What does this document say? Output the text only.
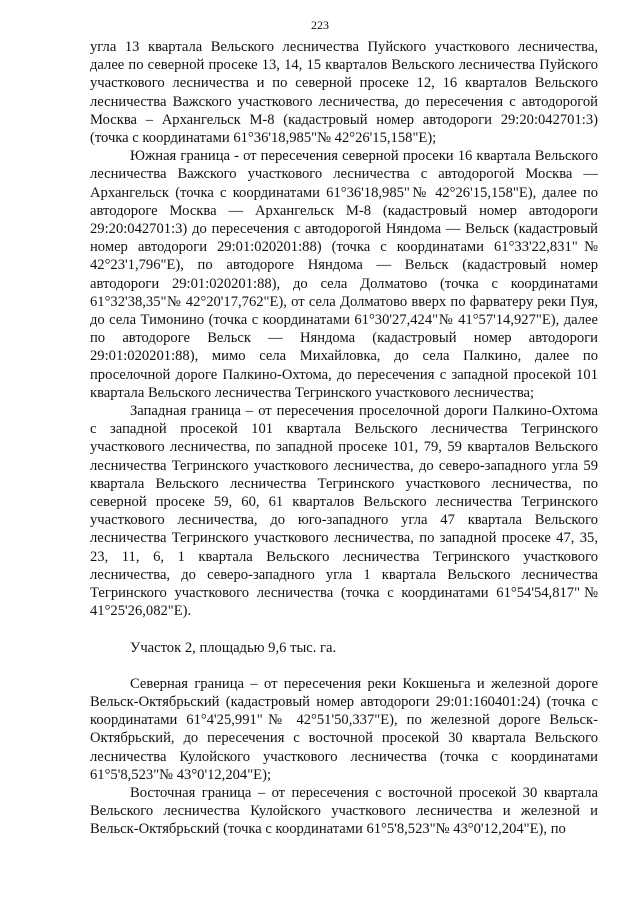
223

угла 13 квартала Вельского лесничества Пуйского участкового лесничества, далее по северной просеке 13, 14, 15 кварталов Вельского лесничества Пуйского участкового лесничества и по северной просеке 12, 16 кварталов Вельского лесничества Важского участкового лесничества, до пересечения с автодорогой Москва – Архангельск М-8 (кадастровый номер автодороги 29:20:042701:3) (точка с координатами 61°36'18,985"№ 42°26'15,158"Е);

Южная граница - от пересечения северной просеки 16 квартала Вельского лесничества Важского участкового лесничества с автодорогой Москва — Архангельск (точка с координатами 61°36'18,985"№ 42°26'15,158"Е), далее по автодороге Москва — Архангельск М-8 (кадастровый номер автодороги 29:20:042701:3) до пересечения с автодорогой Няндома — Вельск (кадастровый номер автодороги 29:01:020201:88) (точка с координатами 61°33'22,831"№ 42°23'1,796"Е), по автодороге Няндома — Вельск (кадастровый номер автодороги 29:01:020201:88), до села Долматово (точка с координатами 61°32'38,35"№ 42°20'17,762"Е), от села Долматово вверх по фарватеру реки Пуя, до села Тимонино (точка с координатами 61°30'27,424"№ 41°57'14,927"Е), далее по автодороге Вельск — Няндома (кадастровый номер автодороги 29:01:020201:88), мимо села Михайловка, до села Палкино, далее по проселочной дороге Палкино-Охтома, до пересечения с западной просекой 101 квартала Вельского лесничества Тегринского участкового лесничества;

Западная граница – от пересечения проселочной дороги Палкино-Охтома с западной просекой 101 квартала Вельского лесничества Тегринского участкового лесничества, по западной просеке 101, 79, 59 кварталов Вельского лесничества Тегринского участкового лесничества, до северо-западного угла 59 квартала Вельского лесничества Тегринского участкового лесничества, по северной просеке 59, 60, 61 кварталов Вельского лесничества Тегринского участкового лесничества, до юго-западного угла 47 квартала Вельского лесничества Тегринского участкового лесничества, по западной просеке 47, 35, 23, 11, 6, 1 квартала Вельского лесничества Тегринского участкового лесничества, до северо-западного угла 1 квартала Вельского лесничества Тегринского участкового лесничества (точка с координатами 61°54'54,817"№ 41°25'26,082"Е).

Участок 2, площадью 9,6 тыс. га.

Северная граница – от пересечения реки Кокшеньга и железной дороге Вельск-Октябрьский (кадастровый номер автодороги 29:01:160401:24) (точка с координатами 61°4'25,991"№ 42°51'50,337"Е), по железной дороге Вельск-Октябрьский, до пересечения с восточной просекой 30 квартала Вельского лесничества Кулойского участкового лесничества (точка с координатами 61°5'8,523"№ 43°0'12,204"Е);

Восточная граница – от пересечения с восточной просекой 30 квартала Вельского лесничества Кулойского участкового лесничества и железной и Вельск-Октябрьский (точка с координатами 61°5'8,523"№ 43°0'12,204"Е), по
